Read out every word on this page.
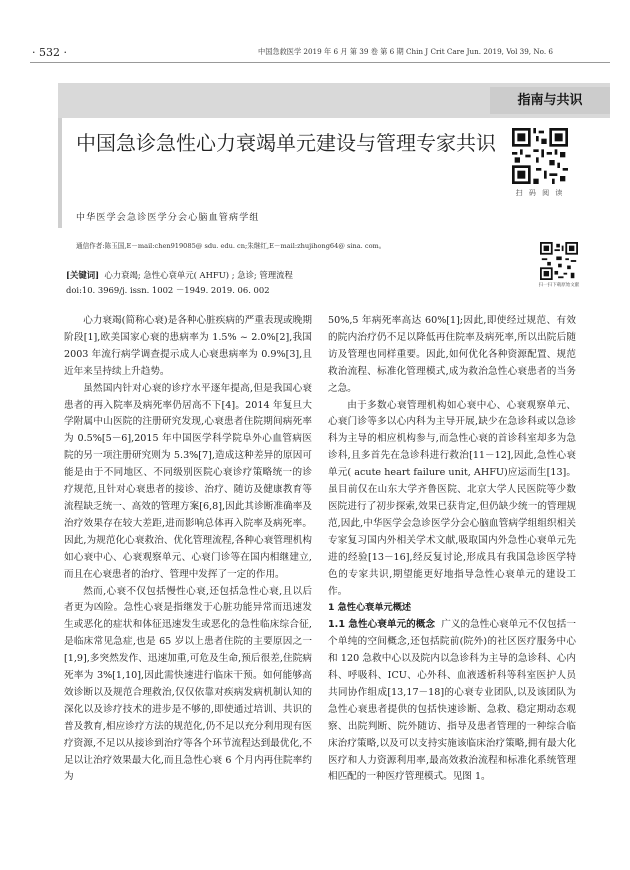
· 532 ·	中国急救医学 2019 年 6 月 第 39 卷 第 6 期 Chin J Crit Care Jun. 2019, Vol 39, No. 6
指南与共识
中国急诊急性心力衰竭单元建设与管理专家共识
中华医学会急诊医学分会心脑血管病学组
通信作者:陈玉国,E－mail:chen919085@ sdu. edu. cn;朱继红,E－mail:zhujihong64@ sina. com。
[关键词] 心力衰竭; 急性心衰单元( AHFU) ; 急诊; 管理流程
doi:10. 3969/j. issn. 1002 －1949. 2019. 06. 002
扫 码 阅 读
扫一扫下载原始文献

心力衰竭(简称心衰)是各种心脏疾病的严重表现或晚期阶段[1],欧美国家心衰的患病率为 1.5% ~ 2.0%[2],我国 2003 年流行病学调查提示成人心衰患病率为 0.9%[3],且近年来呈持续上升趋势。

虽然国内针对心衰的诊疗水平逐年提高,但是我国心衰患者的再入院率及病死率仍居高不下[4]。2014 年复旦大学附属中山医院的注册研究发现,心衰患者住院期间病死率为 0.5%[5－6],2015 年中国医学科学院阜外心血管病医院的另一项注册研究则为 5.3%[7],造成这种差异的原因可能是由于不同地区、不同级别医院心衰诊疗策略统一的诊疗规范,且针对心衰患者的接诊、治疗、随访及健康教育等流程缺乏统一、高效的管理方案[6,8],因此其诊断准确率及治疗效果存在较大差距,进而影响总体再入院率及病死率。因此,为规范化心衰救治、优化管理流程,各种心衰管理机构如心衰中心、心衰观察单元、心衰门诊等在国内相继建立,而且在心衰患者的治疗、管理中发挥了一定的作用。

然而,心衰不仅包括慢性心衰,还包括急性心衰,且以后者更为凶险。急性心衰是指继发于心脏功能异常而迅速发生或恶化的症状和体征迅速发生或恶化的急性临床综合征,是临床常见急症,也是 65 岁以上患者住院的主要原因之一[1,9],多突然发作、迅速加重,可危及生命,预后很差,住院病死率为 3%[1,10],因此需快速进行临床干预。如何能够高效诊断以及规范合理救治,仅仅依靠对疾病发病机制认知的深化以及诊疗技术的进步是不够的,即使通过培训、共识的普及教育,相应诊疗方法的规范化,仍不足以充分利用现有医疗资源,不足以从接诊到治疗等各个环节流程达到最优化,不足以让治疗效果最大化,而且急性心衰 6 个月内再住院率约为

50%,5 年病死率高达 60%[1];因此,即使经过规范、有效的院内治疗仍不足以降低再住院率及病死率,所以出院后随访及管理也同样重要。因此,如何优化各种资源配置、规范救治流程、标准化管理模式,成为救治急性心衰患者的当务之急。

由于多数心衰管理机构如心衰中心、心衰观察单元、心衰门诊等多以心内科为主导开展,缺少在急诊科或以急诊科为主导的相应机构参与,而急性心衰的首诊科室却多为急诊科,且多首先在急诊科进行救治[11－12],因此,急性心衰单元( acute heart failure unit, AHFU)应运而生[13]。虽目前仅在山东大学齐鲁医院、北京大学人民医院等少数医院进行了初步探索,效果已获肯定,但仍缺少统一的管理规范,因此,中华医学会急诊医学分会心脑血管病学组组织相关专家复习国内外相关学术文献,吸取国内外急性心衰单元先进的经验[13－16],经反复讨论,形成具有我国急诊医学特色的专家共识,期望能更好地指导急性心衰单元的建设工作。

1 急性心衰单元概述

1.1 急性心衰单元的概念 广义的急性心衰单元不仅包括一个单纯的空间概念,还包括院前(院外)的社区医疗服务中心和 120 急救中心以及院内以急诊科为主导的急诊科、心内科、呼吸科、ICU、心外科、血液透析科等科室医护人员共同协作组成[13,17－18]的心衰专业团队,以及该团队为急性心衰患者提供的包括快速诊断、急救、稳定期动态观察、出院判断、院外随访、指导及患者管理的一种综合临床治疗策略,以及可以支持实施该临床治疗策略,拥有最大化医疗和人力资源利用率,最高效救治流程和标准化系统管理相匹配的一种医疗管理模式。见图 1。
